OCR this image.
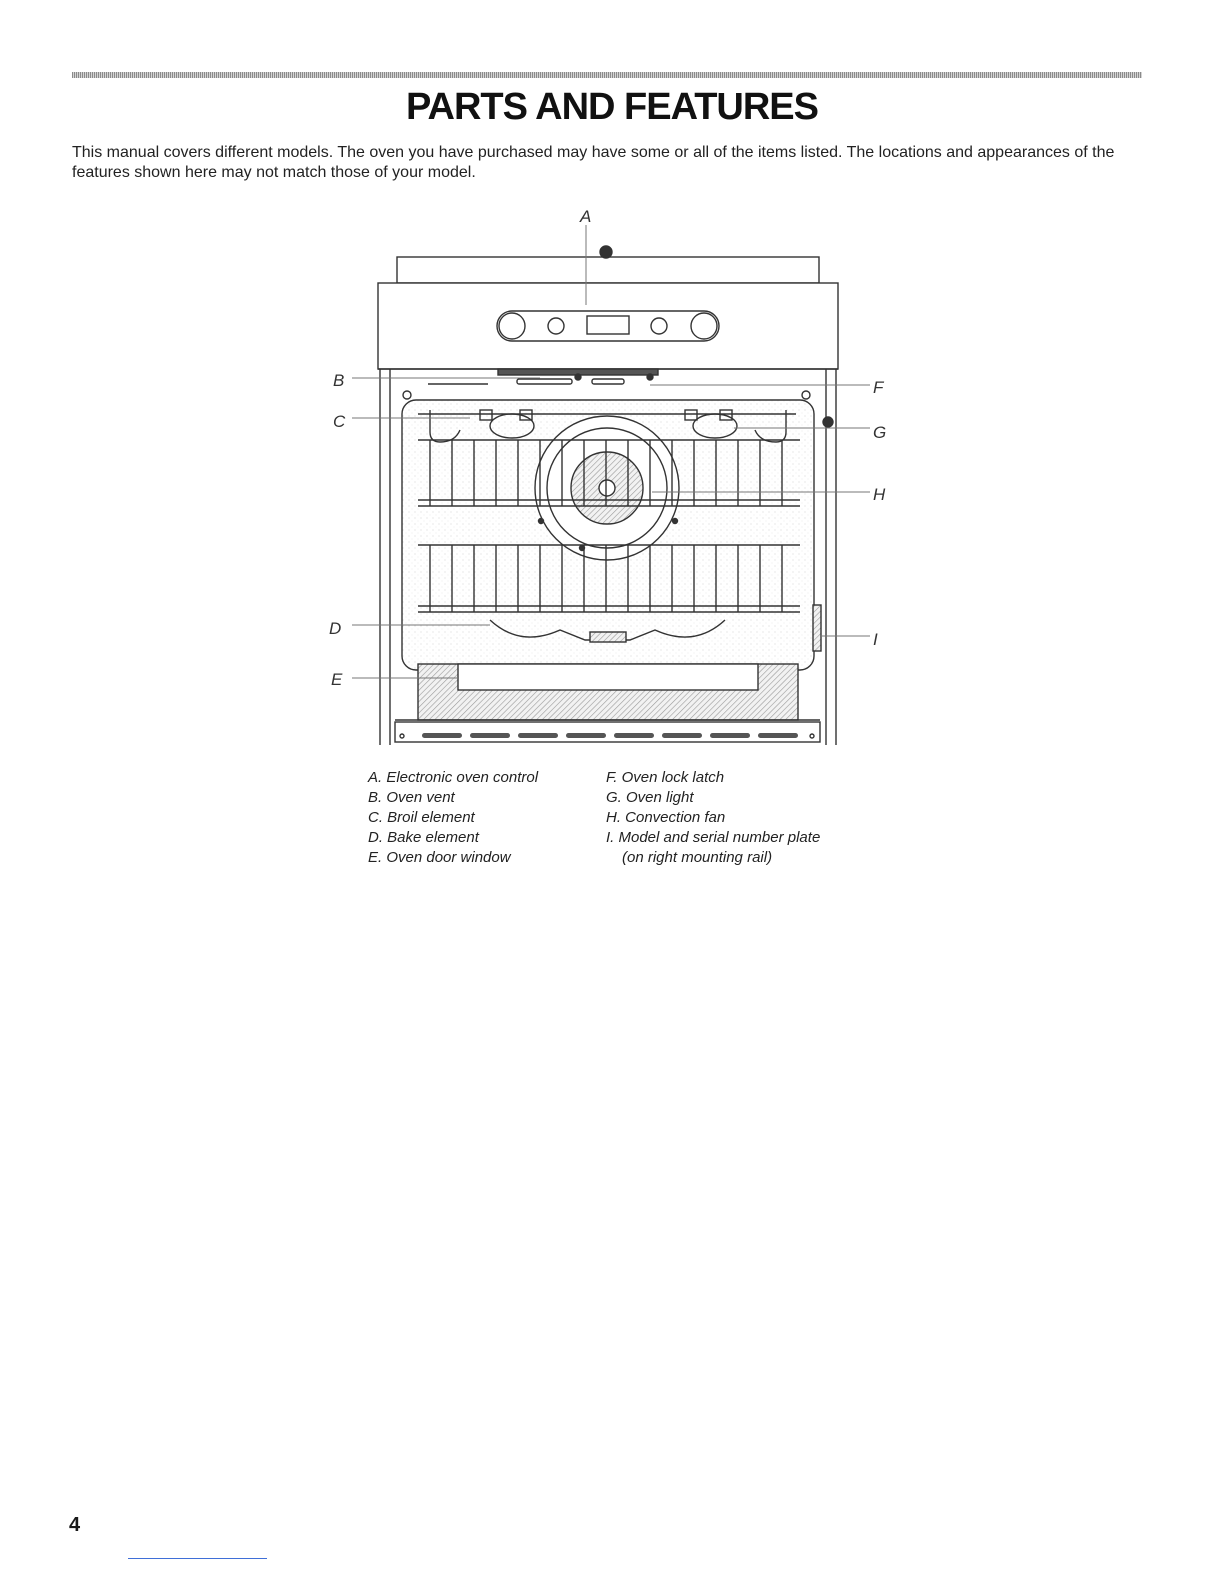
PARTS AND FEATURES

This manual covers different models. The oven you have purchased may have some or all of the items listed. The locations and appearances of the features shown here may not match those of your model.

A
B
C
D
E
F
G
H
I
A. Electronic oven control
B. Oven vent
C. Broil element
D. Bake element
E. Oven door window
F. Oven lock latch
G. Oven light
H. Convection fan
I. Model and serial number plate
(on right mounting rail)
4
